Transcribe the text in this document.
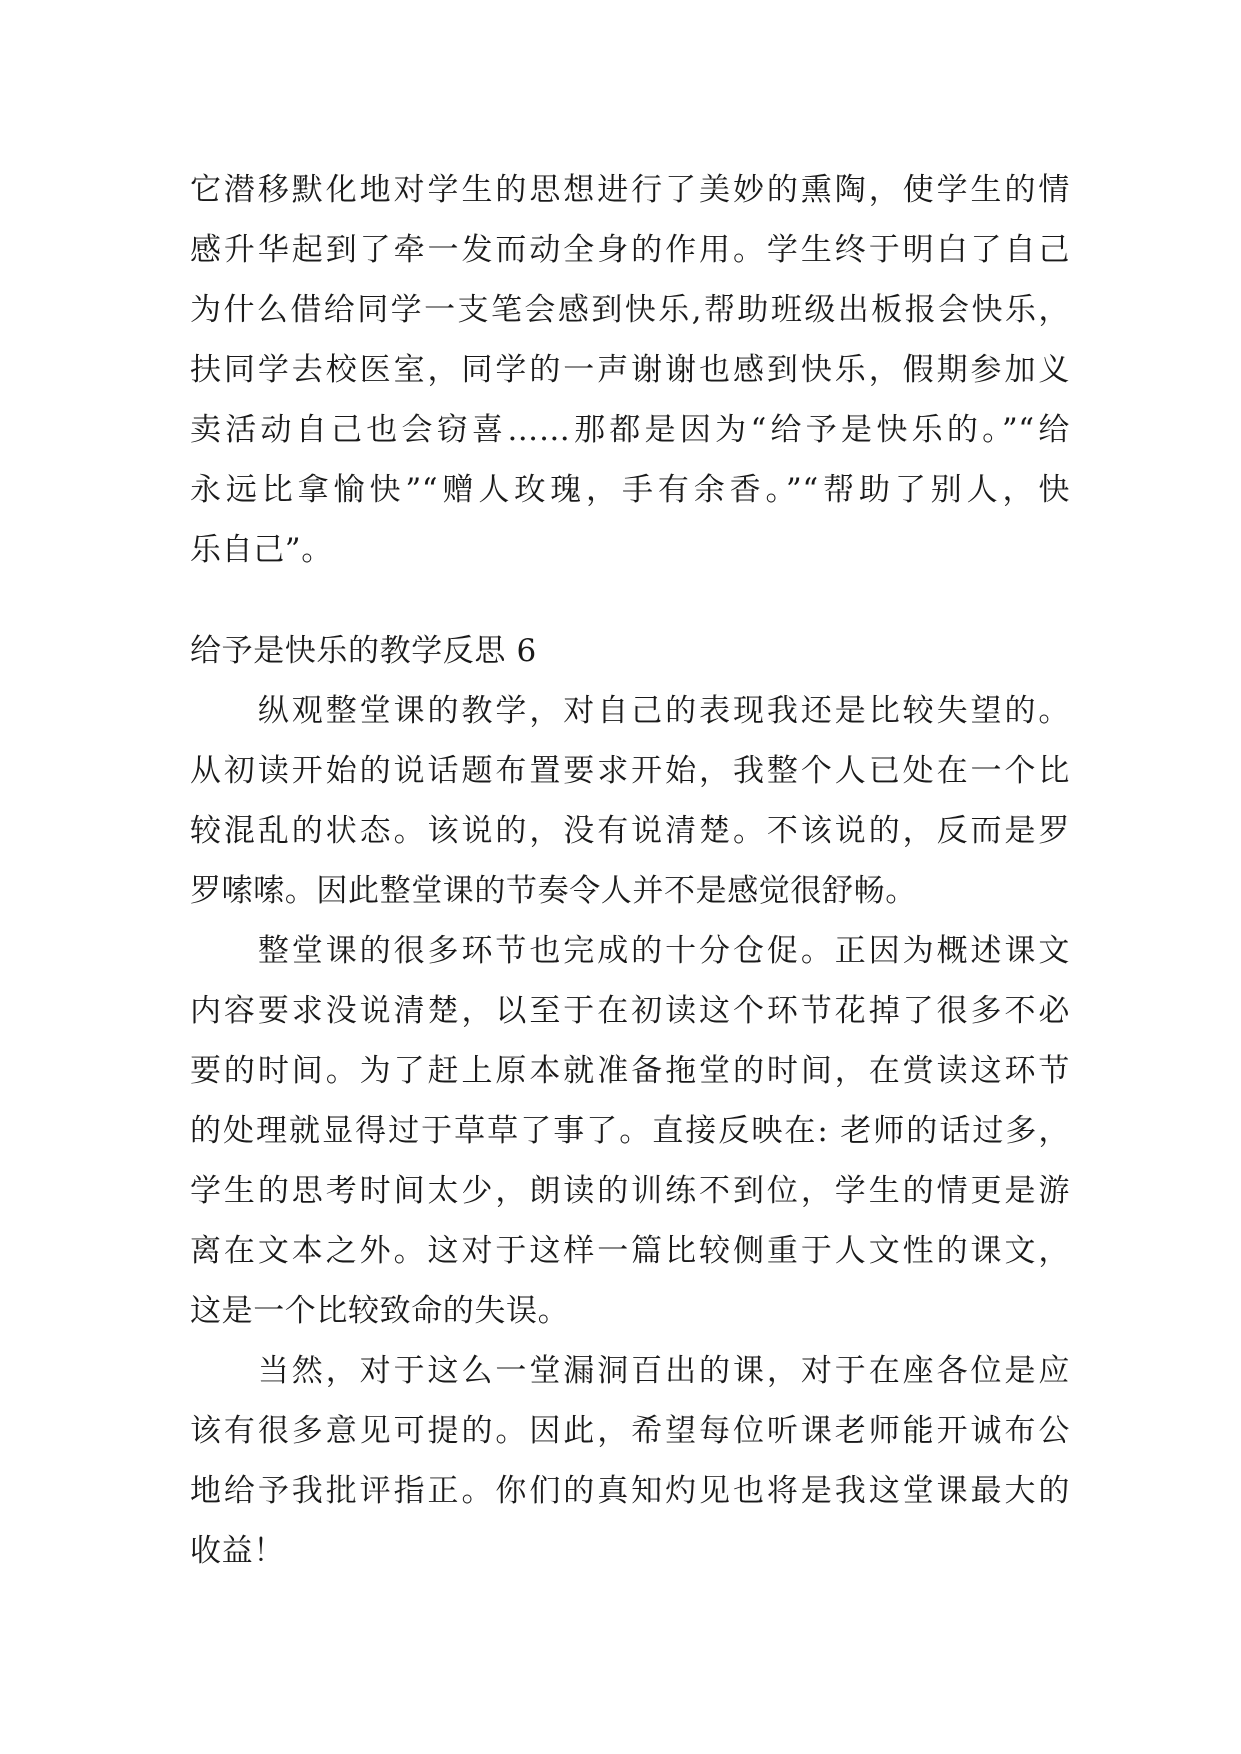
它潜移默化地对学生的思想进行了美妙的熏陶，使学生的情
感升华起到了牵一发而动全身的作用。学生终于明白了自己
为什么借给同学一支笔会感到快乐,帮助班级出板报会快乐，
扶同学去校医室，同学的一声谢谢也感到快乐，假期参加义
卖活动自己也会窃喜……那都是因为“给予是快乐的。”“给
永远比拿愉快”“赠人玫瑰，手有余香。”“帮助了别人，快
乐自己”。
给予是快乐的教学反思 6
　　纵观整堂课的教学，对自己的表现我还是比较失望的。
从初读开始的说话题布置要求开始，我整个人已处在一个比
较混乱的状态。该说的，没有说清楚。不该说的，反而是罗
罗嗦嗦。因此整堂课的节奏令人并不是感觉很舒畅。
　　整堂课的很多环节也完成的十分仓促。正因为概述课文
内容要求没说清楚，以至于在初读这个环节花掉了很多不必
要的时间。为了赶上原本就准备拖堂的时间，在赏读这环节
的处理就显得过于草草了事了。直接反映在: 老师的话过多，
学生的思考时间太少，朗读的训练不到位，学生的情更是游
离在文本之外。这对于这样一篇比较侧重于人文性的课文，
这是一个比较致命的失误。
　　当然，对于这么一堂漏洞百出的课，对于在座各位是应
该有很多意见可提的。因此，希望每位听课老师能开诚布公
地给予我批评指正。你们的真知灼见也将是我这堂课最大的
收益！
